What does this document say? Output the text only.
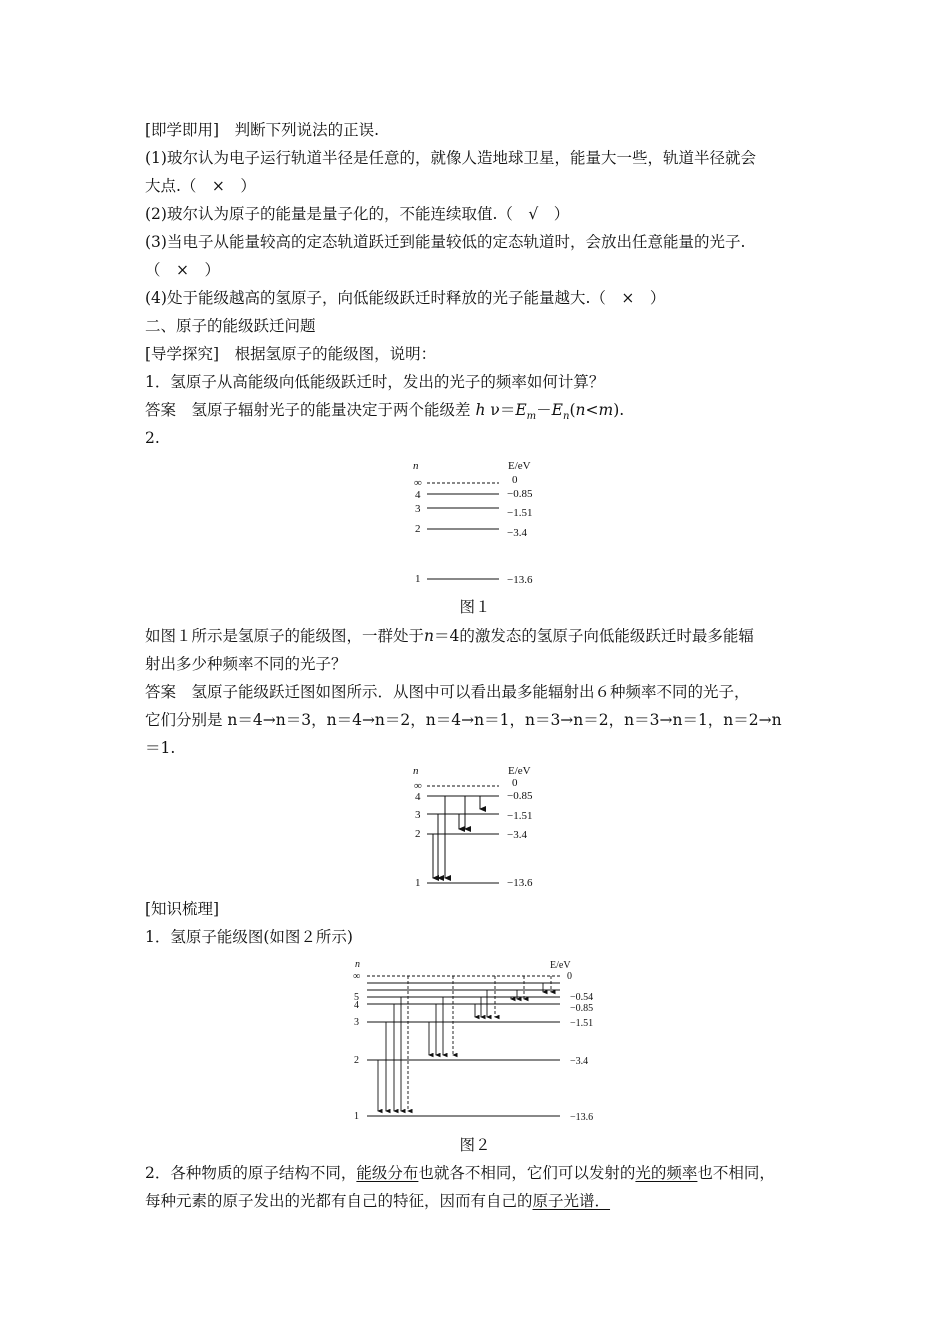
[即学即用]　判断下列说法的正误.
(1)玻尔认为电子运行轨道半径是任意的，就像人造地球卫星，能量大一些，轨道半径就会
大点.（　×　）
(2)玻尔认为原子的能量是量子化的，不能连续取值.（　√　）
(3)当电子从能量较高的定态轨道跃迁到能量较低的定态轨道时，会放出任意能量的光子.
（　×　）
(4)处于能级越高的氢原子，向低能级跃迁时释放的光子能量越大.（　×　）
二、原子的能级跃迁问题
[导学探究]　根据氢原子的能级图，说明：
1．氢原子从高能级向低能级跃迁时，发出的光子的频率如何计算？
答案　氢原子辐射光子的能量决定于两个能级差 h $\nu=E_m-E_n(n<m)$.
2.
n	E/eV
∞
4
3
2
1
0
−0.85
−1.51
−3.4
−13.6
图１
如图１所示是氢原子的能级图，一群处于n＝4的激发态的氢原子向低能级跃迁时最多能辐
射出多少种频率不同的光子？
答案　氢原子能级跃迁图如图所示．从图中可以看出最多能辐射出６种频率不同的光子，
它们分别是 n＝4→n＝3，n＝4→n＝2，n＝4→n＝1，n＝3→n＝2，n＝3→n＝1，n＝2→n
＝1.
n	E/eV
∞
4
3
2
1
0
−0.85
−1.51
−3.4
−13.6
[知识梳理]
1．氢原子能级图(如图２所示)
n	E/eV
∞
5
4
3
2
1
0
−0.54
−0.85
−1.51
−3.4
−13.6
图２
2．各种物质的原子结构不同，能级分布也就各不相同，它们可以发射的光的频率也不相同，
每种元素的原子发出的光都有自己的特征，因而有自己的原子光谱．
